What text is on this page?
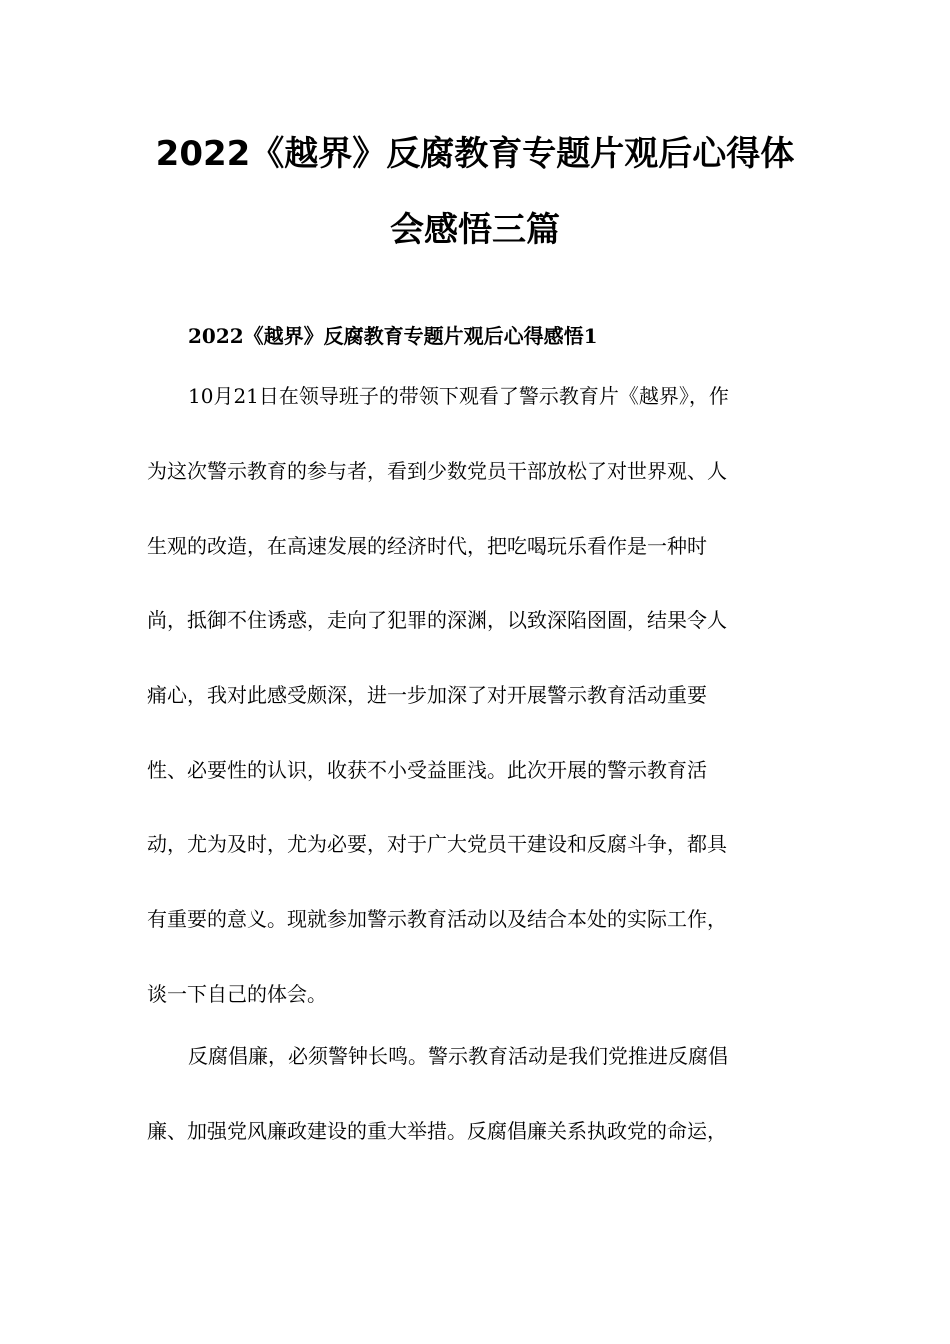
2022《越界》反腐教育专题片观后心得体
会感悟三篇
2022《越界》反腐教育专题片观后心得感悟1
10月21日在领导班子的带领下观看了警示教育片《越界》，作
为这次警示教育的参与者，看到少数党员干部放松了对世界观、人
生观的改造，在高速发展的经济时代，把吃喝玩乐看作是一种时
尚，抵御不住诱惑，走向了犯罪的深渊，以致深陷囹圄，结果令人
痛心，我对此感受颇深，进一步加深了对开展警示教育活动重要
性、必要性的认识，收获不小受益匪浅。此次开展的警示教育活
动，尤为及时，尤为必要，对于广大党员干建设和反腐斗争，都具
有重要的意义。现就参加警示教育活动以及结合本处的实际工作，
谈一下自己的体会。
反腐倡廉，必须警钟长鸣。警示教育活动是我们党推进反腐倡
廉、加强党风廉政建设的重大举措。反腐倡廉关系执政党的命运，
